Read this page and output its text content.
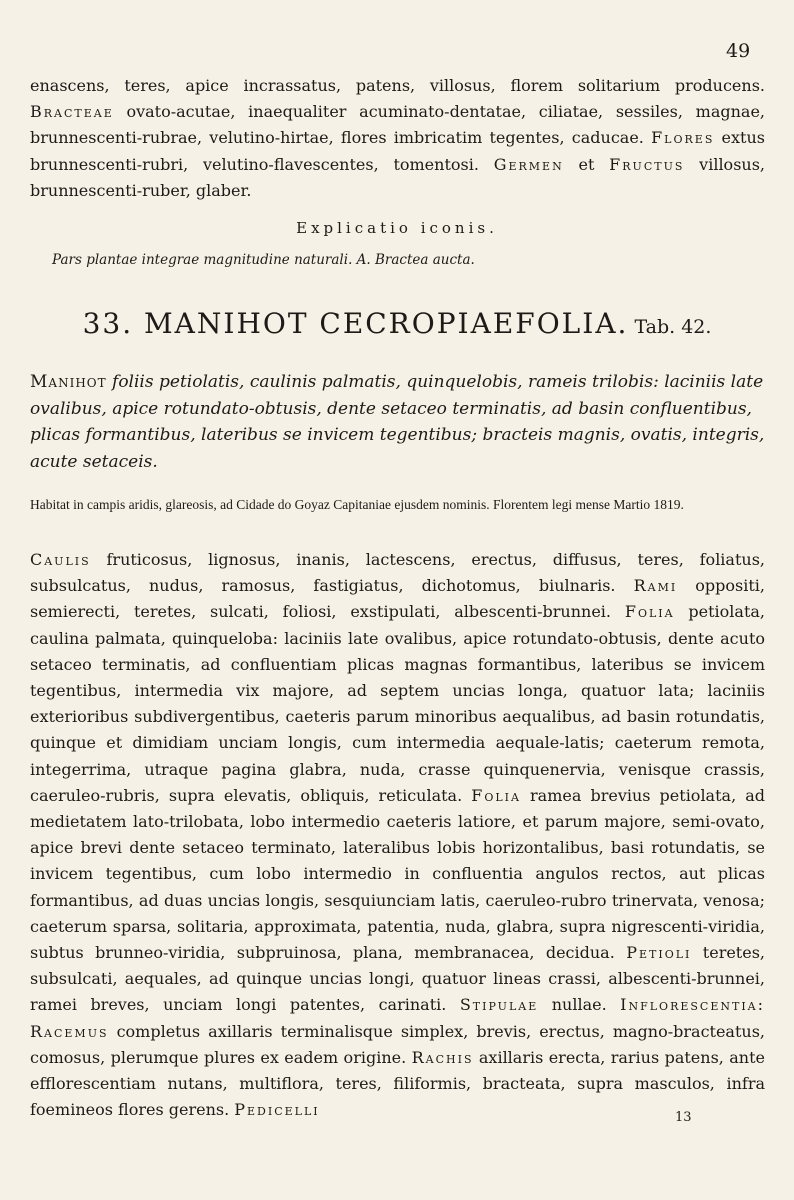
49

enascens, teres, apice incrassatus, patens, villosus, florem solitarium producens. Bracteae ovato-acutae, inaequaliter acuminato-dentatae, ciliatae, sessiles, magnae, brunnescenti-rubrae, velutino-hirtae, flores imbricatim tegentes, caducae. Flores extus brunnescenti-rubri, velutino-flavescentes, tomentosi. Germen et Fructus villosus, brunnescenti-ruber, glaber.

Explicatio iconis.

Pars plantae integrae magnitudine naturali. A. Bractea aucta.

33. MANIHOT CECROPIAEFOLIA. Tab. 42.

Manihot foliis petiolatis, caulinis palmatis, quinquelobis, rameis trilobis: laciniis late ovalibus, apice rotundato-obtusis, dente setaceo terminatis, ad basin confluentibus, plicas formantibus, lateribus se invicem tegentibus; bracteis magnis, ovatis, integris, acute setaceis.

Habitat in campis aridis, glareosis, ad Cidade do Goyaz Capitaniae ejusdem nominis. Florentem legi mense Martio 1819.

Caulis fruticosus, lignosus, inanis, lactescens, erectus, diffusus, teres, foliatus, subsulcatus, nudus, ramosus, fastigiatus, dichotomus, biulnaris. Rami oppositi, semierecti, teretes, sulcati, foliosi, exstipulati, albescenti-brunnei. Folia petiolata, caulina palmata, quinqueloba: laciniis late ovalibus, apice rotundato-obtusis, dente acuto setaceo terminatis, ad confluentiam plicas magnas formantibus, lateribus se invicem tegentibus, intermedia vix majore, ad septem uncias longa, quatuor lata; laciniis exterioribus subdivergentibus, caeteris parum minoribus aequalibus, ad basin rotundatis, quinque et dimidiam unciam longis, cum intermedia aequale-latis; caeterum remota, integerrima, utraque pagina glabra, nuda, crasse quinquenervia, venisque crassis, caeruleo-rubris, supra elevatis, obliquis, reticulata. Folia ramea brevius petiolata, ad medietatem lato-trilobata, lobo intermedio caeteris latiore, et parum majore, semi-ovato, apice brevi dente setaceo terminato, lateralibus lobis horizontalibus, basi rotundatis, se invicem tegentibus, cum lobo intermedio in confluentia angulos rectos, aut plicas formantibus, ad duas uncias longis, sesquiunciam latis, caeruleo-rubro trinervata, venosa; caeterum sparsa, solitaria, approximata, patentia, nuda, glabra, supra nigrescenti-viridia, subtus brunneo-viridia, subpruinosa, plana, membranacea, decidua. Petioli teretes, subsulcati, aequales, ad quinque uncias longi, quatuor lineas crassi, albescenti-brunnei, ramei breves, unciam longi patentes, carinati. Stipulae nullae. Inflorescentia: Racemus completus axillaris terminalisque simplex, brevis, erectus, magno-bracteatus, comosus, plerumque plures ex eadem origine. Rachis axillaris erecta, rarius patens, ante efflorescentiam nutans, multiflora, teres, filiformis, bracteata, supra masculos, infra foemineos flores gerens. Pedicelli	13
